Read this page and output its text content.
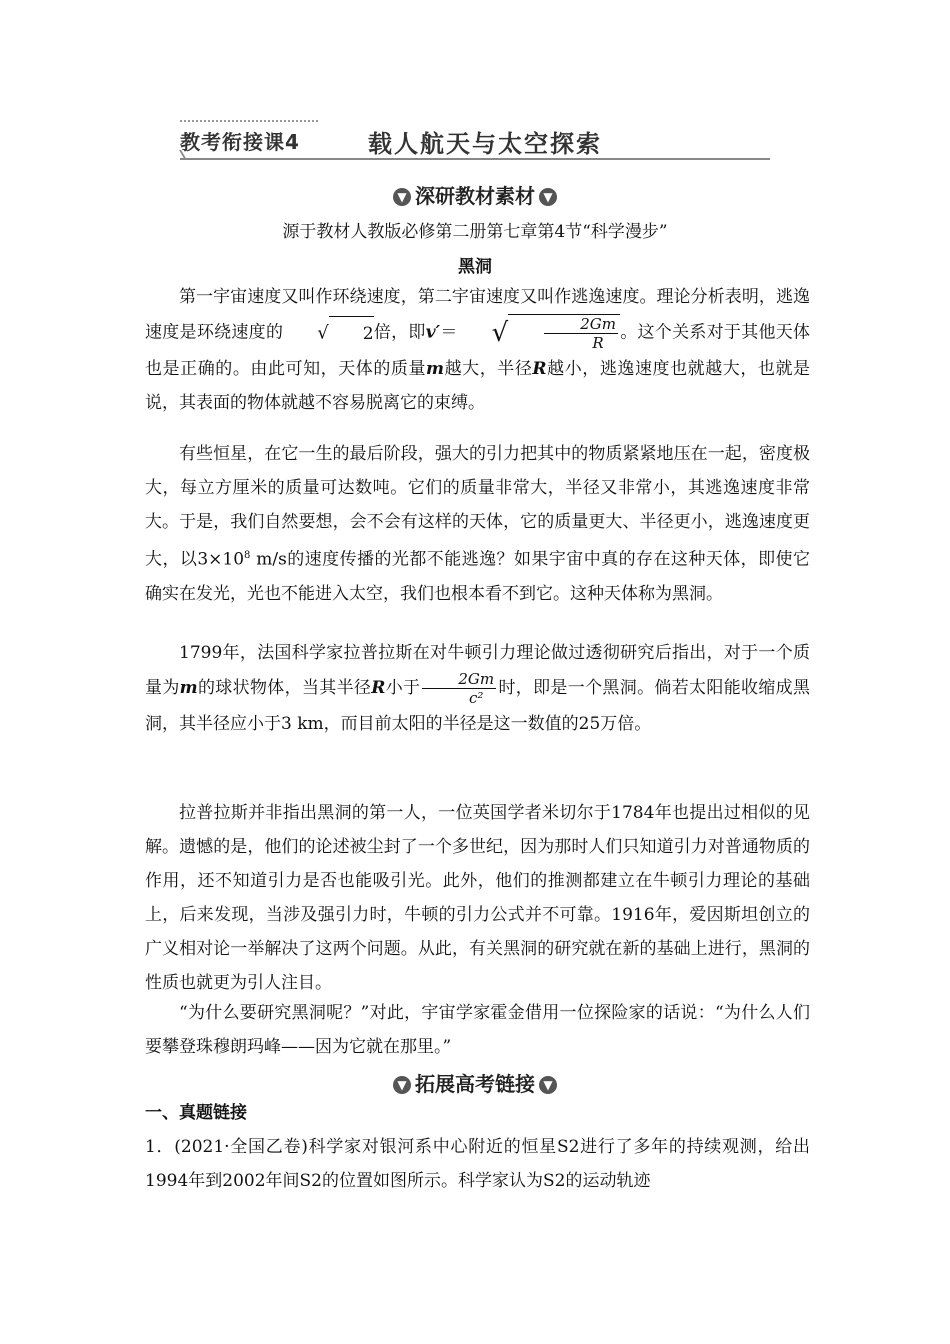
教考衔接课4	载人航天与太空探索
▼ 深研教材素材 ▼
源于教材人教版必修第二册第七章第4节“科学漫步”
黑洞
第一宇宙速度又叫作环绕速度，第二宇宙速度又叫作逃逸速度。理论分析表明，逃逸速度是环绕速度的 √ 2倍，即v′＝ √ $\frac{2Gm}{R}$ 。这个关系对于其他天体也是正确的。由此可知，天体的质量m越大，半径R越小，逃逸速度也就越大，也就是说，其表面的物体就越不容易脱离它的束缚。
有些恒星，在它一生的最后阶段，强大的引力把其中的物质紧紧地压在一起，密度极大，每立方厘米的质量可达数吨。它们的质量非常大，半径又非常小，其逃逸速度非常大。于是，我们自然要想，会不会有这样的天体，它的质量更大、半径更小，逃逸速度更大，以$3\times 10^8$ m/s的速度传播的光都不能逃逸？如果宇宙中真的存在这种天体，即使它确实在发光，光也不能进入太空，我们也根本看不到它。这种天体称为黑洞。
1799年，法国科学家拉普拉斯在对牛顿引力理论做过透彻研究后指出，对于一个质量为m的球状物体，当其半径R小于 $\frac{2Gm}{\text{c²}}$ 时，即是一个黑洞。倘若太阳能收缩成黑洞，其半径应小于3 km，而目前太阳的半径是这一数值的25万倍。
拉普拉斯并非指出黑洞的第一人，一位英国学者米切尔于1784年也提出过相似的见解。遗憾的是，他们的论述被尘封了一个多世纪，因为那时人们只知道引力对普通物质的作用，还不知道引力是否也能吸引光。此外，他们的推测都建立在牛顿引力理论的基础上，后来发现，当涉及强引力时，牛顿的引力公式并不可靠。1916年，爱因斯坦创立的广义相对论一举解决了这两个问题。从此，有关黑洞的研究就在新的基础上进行，黑洞的性质也就更为引人注目。
“为什么要研究黑洞呢？”对此，宇宙学家霍金借用一位探险家的话说：“为什么人们要攀登珠穆朗玛峰——因为它就在那里。”
▼ 拓展高考链接 ▼
一、真题链接
1．(2021·全国乙卷)科学家对银河系中心附近的恒星S2进行了多年的持续观测，给出1994年到2002年间S2的位置如图所示。科学家认为S2的运动轨迹
